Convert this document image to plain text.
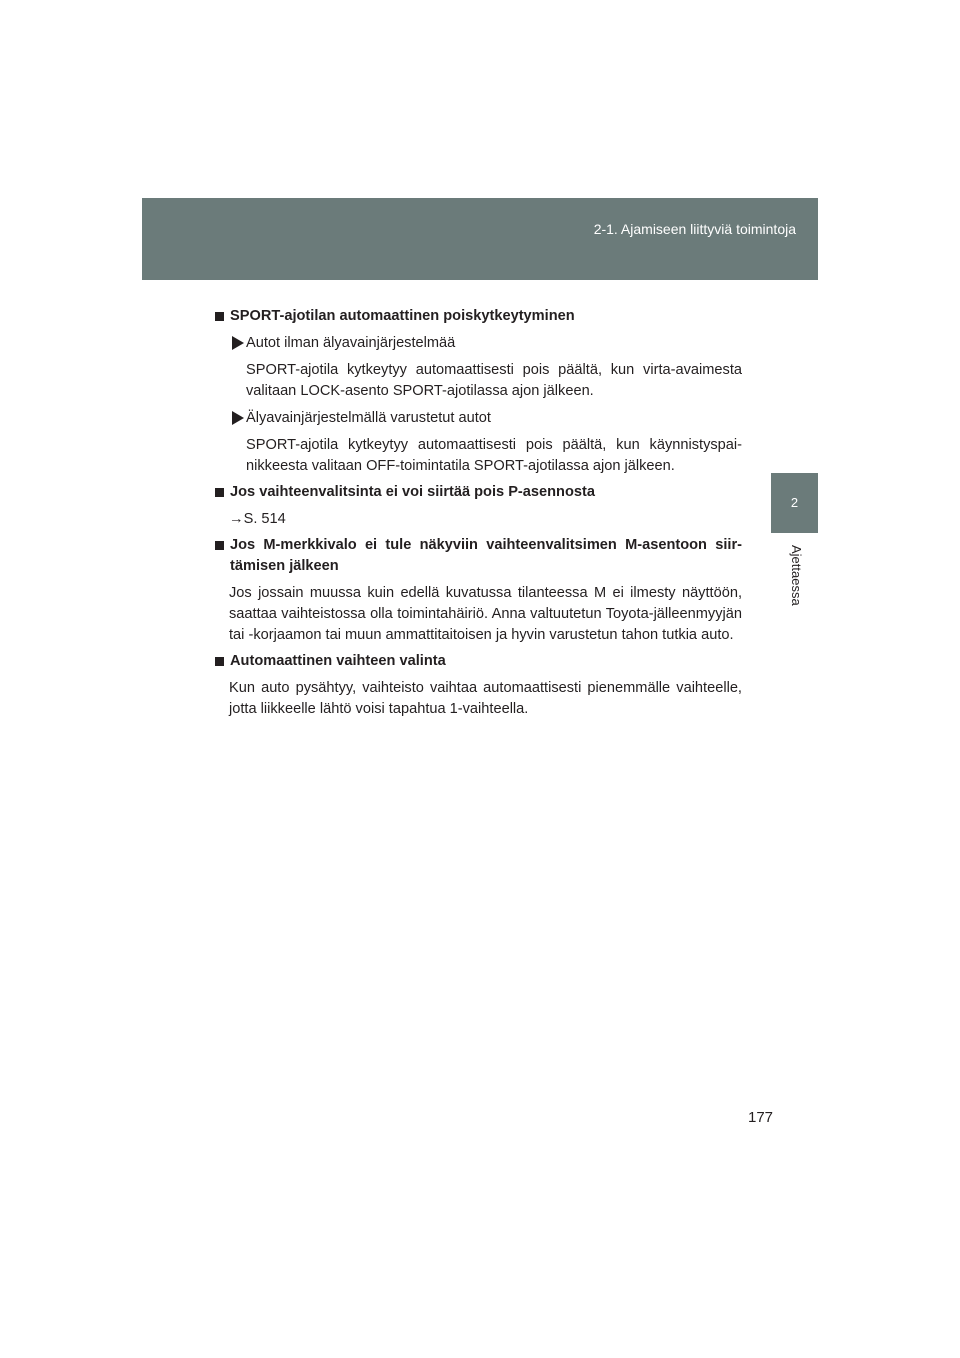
2-1. Ajamiseen liittyviä toimintoja
2
Ajettaessa
SPORT-ajotilan automaattinen poiskytkeytyminen
Autot ilman älyavainjärjestelmää
SPORT-ajotila kytkeytyy automaattisesti pois päältä, kun virta-avaimesta valitaan LOCK-asento SPORT-ajotilassa ajon jälkeen.
Älyavainjärjestelmällä varustetut autot
SPORT-ajotila kytkeytyy automaattisesti pois päältä, kun käynnistyspai-nikkeesta valitaan OFF-toimintatila SPORT-ajotilassa ajon jälkeen.
Jos vaihteenvalitsinta ei voi siirtää pois P-asennosta
→S. 514
Jos M-merkkivalo ei tule näkyviin vaihteenvalitsimen M-asentoon siir-tämisen jälkeen
Jos jossain muussa kuin edellä kuvatussa tilanteessa M ei ilmesty näyttöön, saattaa vaihteistossa olla toimintahäiriö. Anna valtuutetun Toyota-jälleenmyyjän tai -korjaamon tai muun ammattitaitoisen ja hyvin varustetun tahon tutkia auto.
Automaattinen vaihteen valinta
Kun auto pysähtyy, vaihteisto vaihtaa automaattisesti pienemmälle vaihteelle, jotta liikkeelle lähtö voisi tapahtua 1-vaihteella.
177
